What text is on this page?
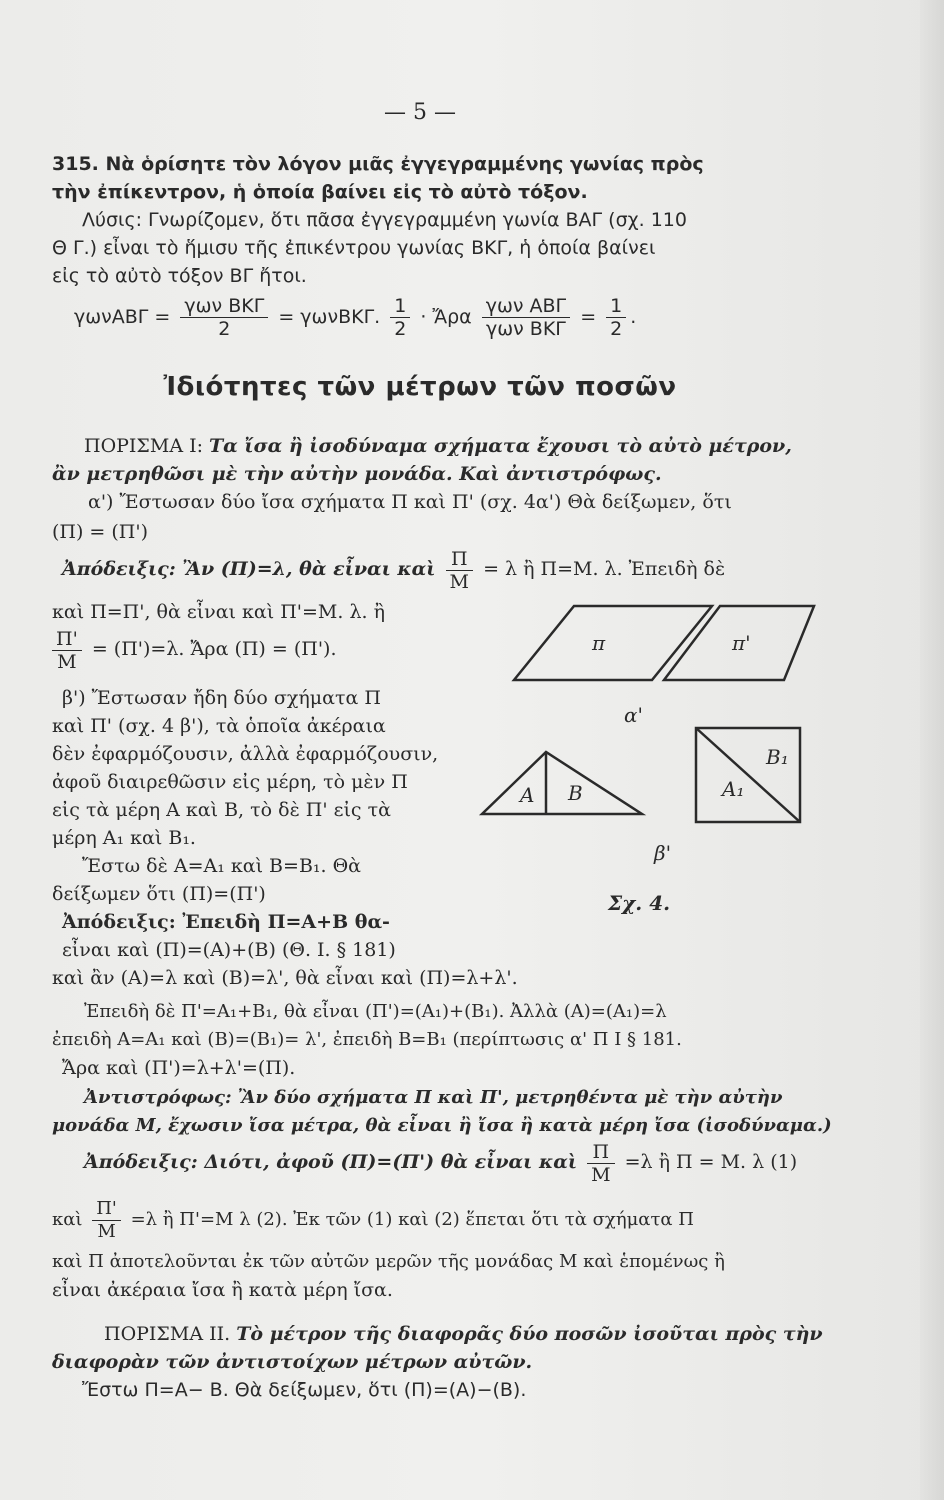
— 5 —
315. Νὰ ὁρίσητε τὸν λόγον μιᾶς ἐγγεγραμμένης γωνίας πρὸς
τὴν ἐπίκεντρον, ἡ ὁποία βαίνει εἰς τὸ αὐτὸ τόξον.
Λύσις: Γνωρίζομεν, ὅτι πᾶσα ἐγγεγραμμένη γωνία ΒΑΓ (σχ. 110
Θ Γ.) εἶναι τὸ ἥμισυ τῆς ἐπικέντρου γωνίας ΒΚΓ, ἡ ὁποία βαίνει
εἰς τὸ αὐτὸ τόξον ΒΓ ἤτοι.
$\gamma\omega\nu AB\Gamma = \frac{\text{γων ΒΚΓ}}{2} = \gamma\omega\nu BK\Gamma$. $\frac{1}{2}$ · Ἄρα $\frac{\text{γων ΑΒΓ}}{\text{γων ΒΚΓ}} = \frac{1}{2}$ .
Ἰδιότητες τῶν μέτρων τῶν ποσῶν
ΠΟΡΙΣΜΑ Ι: Τα ἴσα ἢ ἰσοδύναμα σχήματα ἔχουσι τὸ αὐτὸ μέτρον,
ἂν μετρηθῶσι μὲ τὴν αὐτὴν μονάδα. Καὶ ἀντιστρόφως.
α') Ἔστωσαν δύο ἴσα σχήματα Π καὶ Π' (σχ. 4α') Θὰ δείξωμεν, ὅτι
(Π) = (Π')
Ἀπόδειξις: Ἂν (Π)=λ, θὰ εἶναι καὶ $\frac{\Pi}{M} = \lambda$ ἢ Π=Μ. λ. Ἐπειδὴ δὲ
καὶ Π=Π', θὰ εἶναι καὶ Π'=Μ. λ. ἢ
$\frac{\Pi'}{M} = (\Pi')=\lambda$. Ἄρα (Π) = (Π').
β') Ἔστωσαν ἤδη δύο σχήματα Π
καὶ Π' (σχ. 4 β'), τὰ ὁποῖα ἀκέραια
δὲν ἐφαρμόζουσιν, ἀλλὰ ἐφαρμόζουσιν,
ἀφοῦ διαιρεθῶσιν εἰς μέρη, τὸ μὲν Π
εἰς τὰ μέρη Α καὶ Β, τὸ δὲ Π' εἰς τὰ
μέρη Α₁ καὶ Β₁.
Ἔστω δὲ Α=Α₁ καὶ Β=Β₁. Θὰ
δείξωμεν ὅτι (Π)=(Π')
Ἀπόδειξις: Ἐπειδὴ Π=Α+Β θα-
εἶναι καὶ (Π)=(Α)+(Β) (Θ. Ι. § 181)
καὶ ἂν (Α)=λ καὶ (Β)=λ', θὰ εἶναι καὶ (Π)=λ+λ'.
Ἐπειδὴ δὲ Π'=Α₁+Β₁, θὰ εἶναι (Π')=(Α₁)+(Β₁). Ἀλλὰ (Α)=(Α₁)=λ
ἐπειδὴ Α=Α₁ καὶ (Β)=(Β₁)= λ', ἐπειδὴ Β=Β₁ (περίπτωσις α' Π Ι § 181.
Ἄρα καὶ (Π')=λ+λ'=(Π).
Ἀντιστρόφως: Ἂν δύο σχήματα Π καὶ Π', μετρηθέντα μὲ τὴν αὐτὴν
μονάδα Μ, ἔχωσιν ἴσα μέτρα, θὰ εἶναι ἢ ἴσα ἢ κατὰ μέρη ἴσα (ἰσοδύναμα.)
Ἀπόδειξις: Διότι, ἀφοῦ (Π)=(Π') θὰ εἶναι καὶ $\frac{\Pi}{M} =\lambda$ ἢ Π = Μ. λ (1)
καὶ $\frac{\Pi'}{M} =\lambda$ ἢ Π'=Μ λ (2). Ἐκ τῶν (1) καὶ (2) ἕπεται ὅτι τὰ σχήματα Π
καὶ Π ἀποτελοῦνται ἐκ τῶν αὐτῶν μερῶν τῆς μονάδας Μ καὶ ἑπομένως ἢ
εἶναι ἀκέραια ἴσα ἢ κατὰ μέρη ἴσα.
ΠΟΡΙΣΜΑ ΙΙ. Τὸ μέτρον τῆς διαφορᾶς δύο ποσῶν ἰσοῦται πρὸς τὴν
διαφορὰν τῶν ἀντιστοίχων μέτρων αὐτῶν.
Ἔστω Π=Α− Β. Θὰ δείξωμεν, ὅτι (Π)=(Α)−(Β).
π	π'
α'
Α Β	Α₁
Β₁
β'
Σχ. 4.
